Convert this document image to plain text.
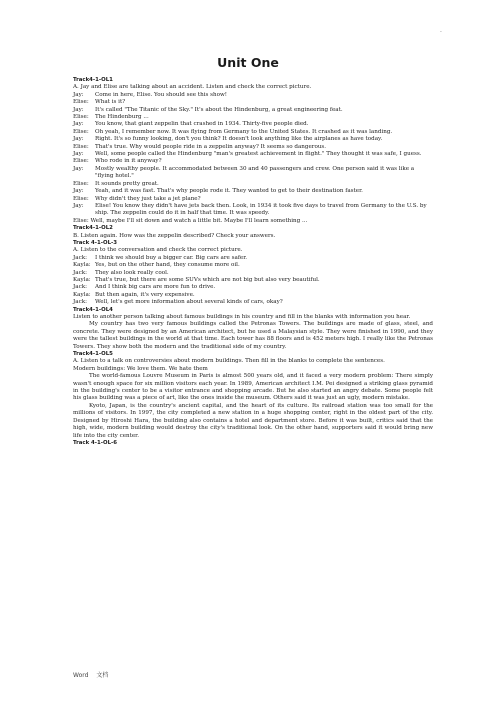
.
Unit One
Track4-1-OL1
A. Jay and Elise are talking about an accident. Listen and check the correct picture.
Jay:	Come in here, Elise. You should see this show!
Elise:	What is it?
Jay:	It's called "The Titanic of the Sky." It's about the Hindenburg, a great engineering feat.
Elise:	The Hindenburg ...
Jay:	You know, that giant zeppelin that crashed in 1934. Thirty-five people died.
Elise:	Oh yeah, I remember now. It was flying from Germany to the United States. It crashed as it was landing.
Jay:	Right. It's so funny looking, don't you think? It doesn't look anything like the airplanes as have today.
Elise:	That's true. Why would people ride in a zeppelin anyway? It seems so dangerous.
Jay:	Well, some people called the Hindenburg "man's greatest achievement in flight." They thought it was safe, I guess.
Elise:	Who rode in it anyway?
Jay:	Mostly wealthy people. It accommodated between 30 and 40 passengers and crew. One person said it was like a "flying hotel."
Elise:	It sounds pretty great.
Jay:	Yeah, and it was fast. That's why people rode it. They wanted to get to their destination faster.
Elise:	Why didn't they just take a jet plane?
Jay:	Elise! You know they didn't have jets back then. Look, in 1934 it took five days to travel from Germany to the U.S. by ship. The zeppelin could do it in half that time. It was speedy.
Elise: Well, maybe I'll sit down and watch a little bit. Maybe I'll learn something ...
Track4-1-OL2
B. Listen again. How was the zeppelin described? Check your answers.
Track 4-1-OL-3
A. Listen to the conversation and check the correct picture.
Jack:	I think we should buy a bigger car. Big cars are safer.
Kayla: Yes, but on the other hand, they consume more oil.
Jack:	They also look really cool.
Kayla: That's true, but there are some SUVs which are not big but also very beautiful.
Jack:	And I think big cars are more fun to drive.
Kayla: But then again, it's very expensive.
Jack:	Well, let's get more information about several kinds of cars, okay?
Track4-1-OL4
Listen to another person talking about famous buildings in his country and fill in the blanks with information you hear.
My country has two very famous buildings called the Petronas Towers. The buildings are made of glass, steel, and concrete. They were designed by an American architect, but he used a Malaysian style. They were finished in 1990, and they were the tallest buildings in the world at that time. Each tower has 88 floors and is 452 meters high. I really like the Petronas Towers. They show both the modern and the traditional side of my country.
Track4-1-OL5
A. Listen to a talk on controversies about modern buildings. Then fill in the blanks to complete the sentences.
Modern buildings: We love them. We hate them
The world-famous Louvre Museum in Paris is almost 500 years old, and it faced a very modern problem: There simply wasn't enough space for six million visitors each year. In 1989, American architect I.M. Pei designed a striking glass pyramid in the building's center to be a visitor entrance and shopping arcade. But he also started an angry debate. Some people felt his glass building was a piece of art, like the ones inside the museum. Others said it was just an ugly, modern mistake.
Kyoto, Japan, is the country's ancient capital, and the heart of its culture. Its railroad station was too small for the millions of visitors. In 1997, the city completed a new station in a huge shopping center, right in the oldest part of the city. Designed by Hiroshi Hara, the building also contains a hotel and department store. Before it was built, critics said that the high, wide, modern building would destroy the city's traditional look. On the other hand, supporters said it would bring new life into the city center.
Track 4-1-OL-6
Word 文档
